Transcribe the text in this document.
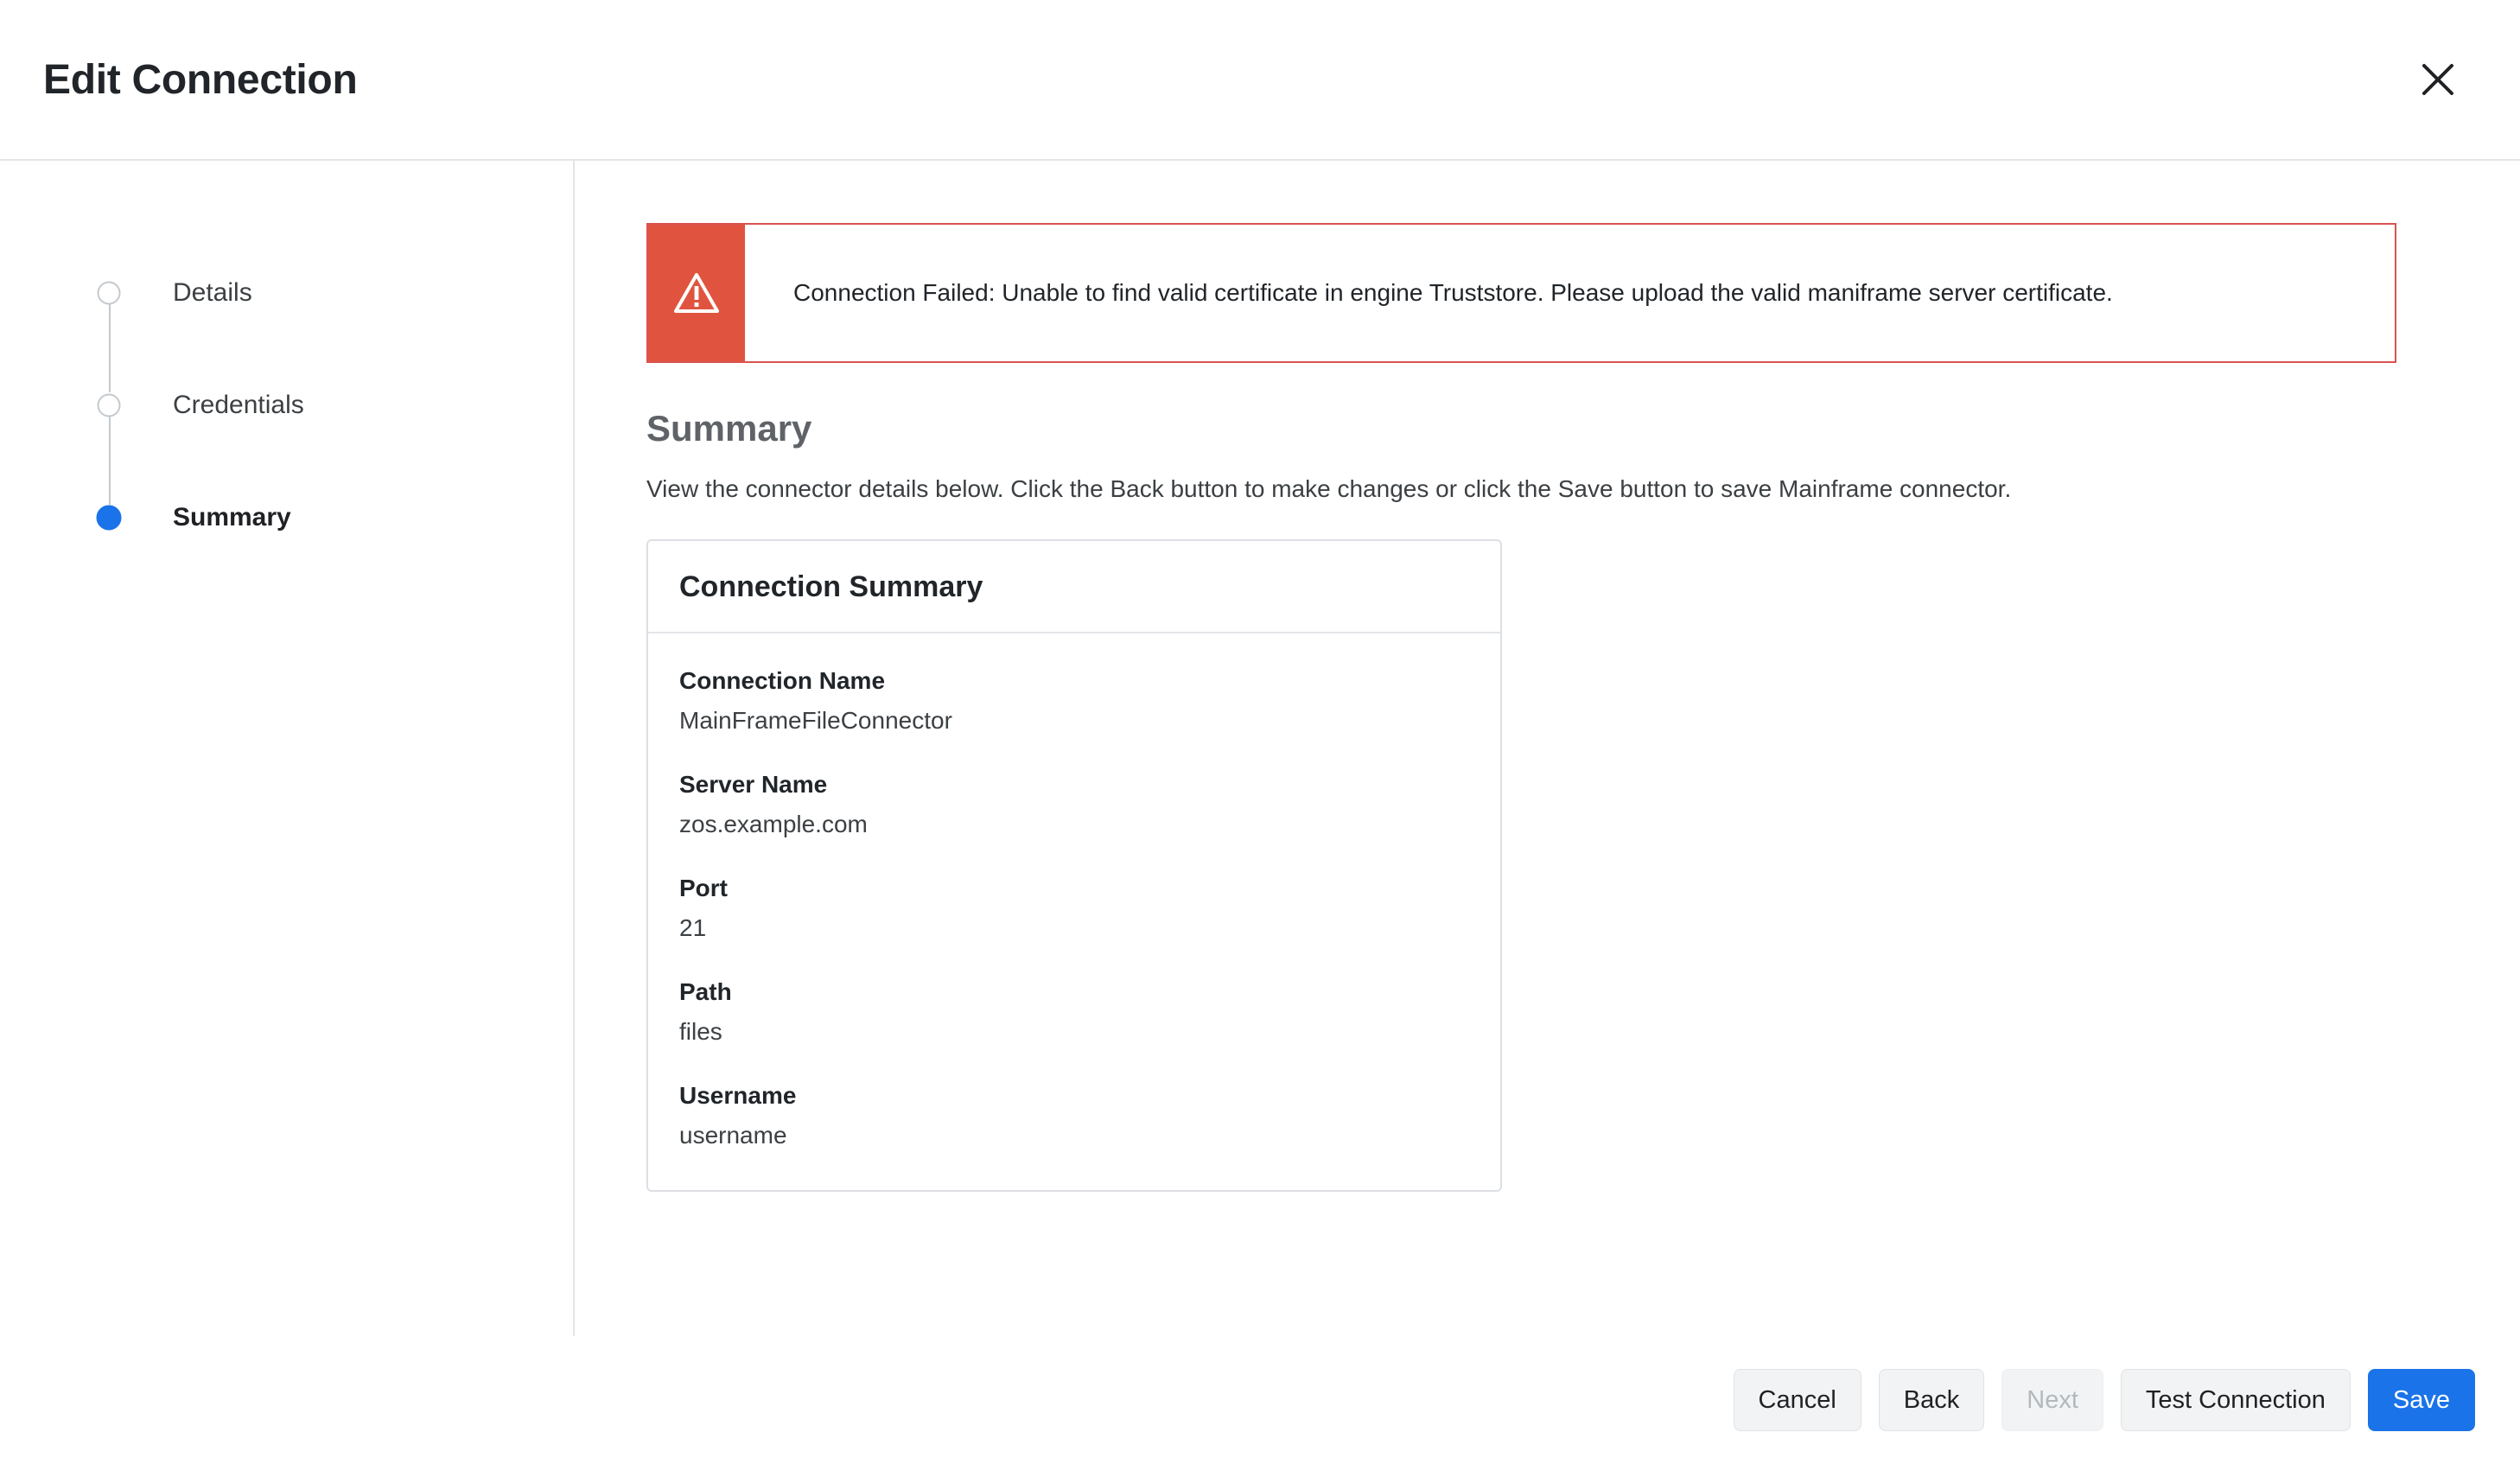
Edit Connection
Details
Credentials
Summary
Connection Failed: Unable to find valid certificate in engine Truststore. Please upload the valid maniframe server certificate.
Summary
View the connector details below. Click the Back button to make changes or click the Save button to save Mainframe connector.
Connection Summary
Connection Name
MainFrameFileConnector
Server Name
zos.example.com
Port
21
Path
files
Username
username
Cancel	Back	Next	Test Connection	Save
